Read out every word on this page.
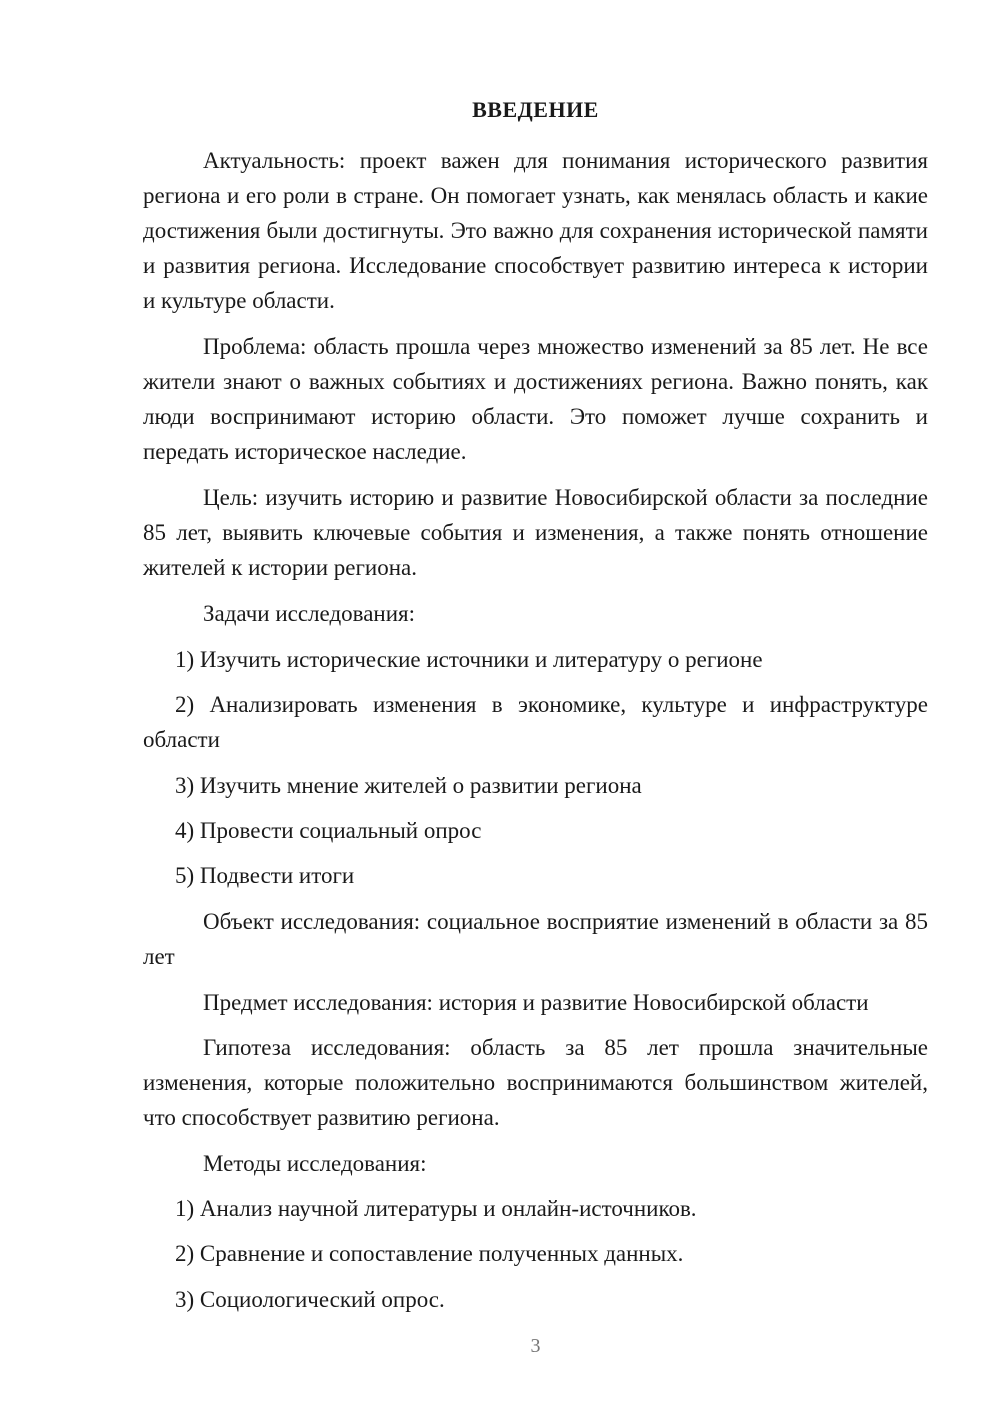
ВВЕДЕНИЕ

Актуальность: проект важен для понимания исторического развития региона и его роли в стране. Он помогает узнать, как менялась область и какие достижения были достигнуты. Это важно для сохранения исторической памяти и развития региона. Исследование способствует развитию интереса к истории и культуре области.

Проблема: область прошла через множество изменений за 85 лет. Не все жители знают о важных событиях и достижениях региона. Важно понять, как люди воспринимают историю области. Это поможет лучше сохранить и передать историческое наследие.

Цель: изучить историю и развитие Новосибирской области за последние 85 лет, выявить ключевые события и изменения, а также понять отношение жителей к истории региона.

Задачи исследования:

1) Изучить исторические источники и литературу о регионе

2) Анализировать изменения в экономике, культуре и инфраструктуре области

3) Изучить мнение жителей о развитии региона

4) Провести социальный опрос

5) Подвести итоги

Объект исследования: социальное восприятие изменений в области за 85 лет

Предмет исследования: история и развитие Новосибирской области

Гипотеза исследования: область за 85 лет прошла значительные изменения, которые положительно воспринимаются большинством жителей, что способствует развитию региона.

Методы исследования:

1) Анализ научной литературы и онлайн-источников.

2) Сравнение и сопоставление полученных данных.

3) Социологический опрос.

3
